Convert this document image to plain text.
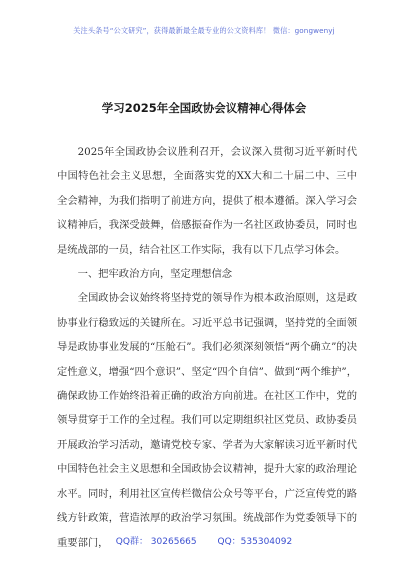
关注头条号“公文研究”，获得最新最全最专业的公文资料库！ 微信：gongwenyj
学习2025年全国政协会议精神心得体会

2025年全国政协会议胜利召开，会议深入贯彻习近平新时代中国特色社会主义思想，全面落实党的XX大和二十届二中、三中全会精神，为我们指明了前进方向，提供了根本遵循。深入学习会议精神后，我深受鼓舞，倍感振奋作为一名社区政协委员，同时也是统战部的一员，结合社区工作实际，我有以下几点学习体会。

一、把牢政治方向，坚定理想信念

全国政协会议始终将坚持党的领导作为根本政治原则，这是政协事业行稳致远的关键所在。习近平总书记强调，坚持党的全面领导是政协事业发展的“压舱石”。我们必须深刻领悟“两个确立”的决定性意义，增强“四个意识”、坚定“四个自信”、做到“两个维护”，确保政协工作始终沿着正确的政治方向前进。在社区工作中，党的领导贯穿于工作的全过程。我们可以定期组织社区党员、政协委员开展政治学习活动，邀请党校专家、学者为大家解读习近平新时代中国特色社会主义思想和全国政协会议精神，提升大家的政治理论水平。同时，利用社区宣传栏微信公众号等平台，广泛宣传党的路线方针政策，营造浓厚的政治学习氛围。统战部作为党委领导下的重要部门， QQ群： 30265665 QQ：535304092
